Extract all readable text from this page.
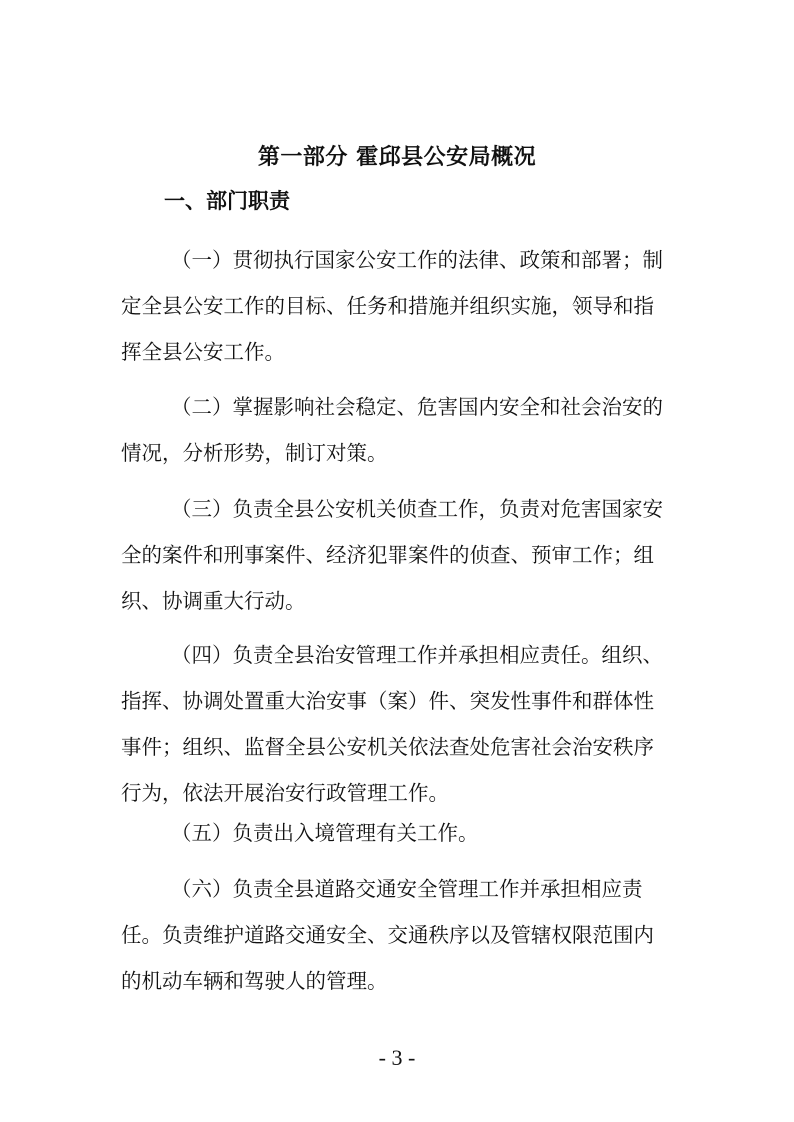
第一部分 霍邱县公安局概况
一、部门职责
（一）贯彻执行国家公安工作的法律、政策和部署；制
定全县公安工作的目标、任务和措施并组织实施，领导和指
挥全县公安工作。
（二）掌握影响社会稳定、危害国内安全和社会治安的
情况，分析形势，制订对策。
（三）负责全县公安机关侦查工作，负责对危害国家安
全的案件和刑事案件、经济犯罪案件的侦查、预审工作；组
织、协调重大行动。
（四）负责全县治安管理工作并承担相应责任。组织、
指挥、协调处置重大治安事（案）件、突发性事件和群体性
事件；组织、监督全县公安机关依法查处危害社会治安秩序
行为，依法开展治安行政管理工作。
（五）负责出入境管理有关工作。
（六）负责全县道路交通安全管理工作并承担相应责
任。负责维护道路交通安全、交通秩序以及管辖权限范围内
的机动车辆和驾驶人的管理。
- 3 -
